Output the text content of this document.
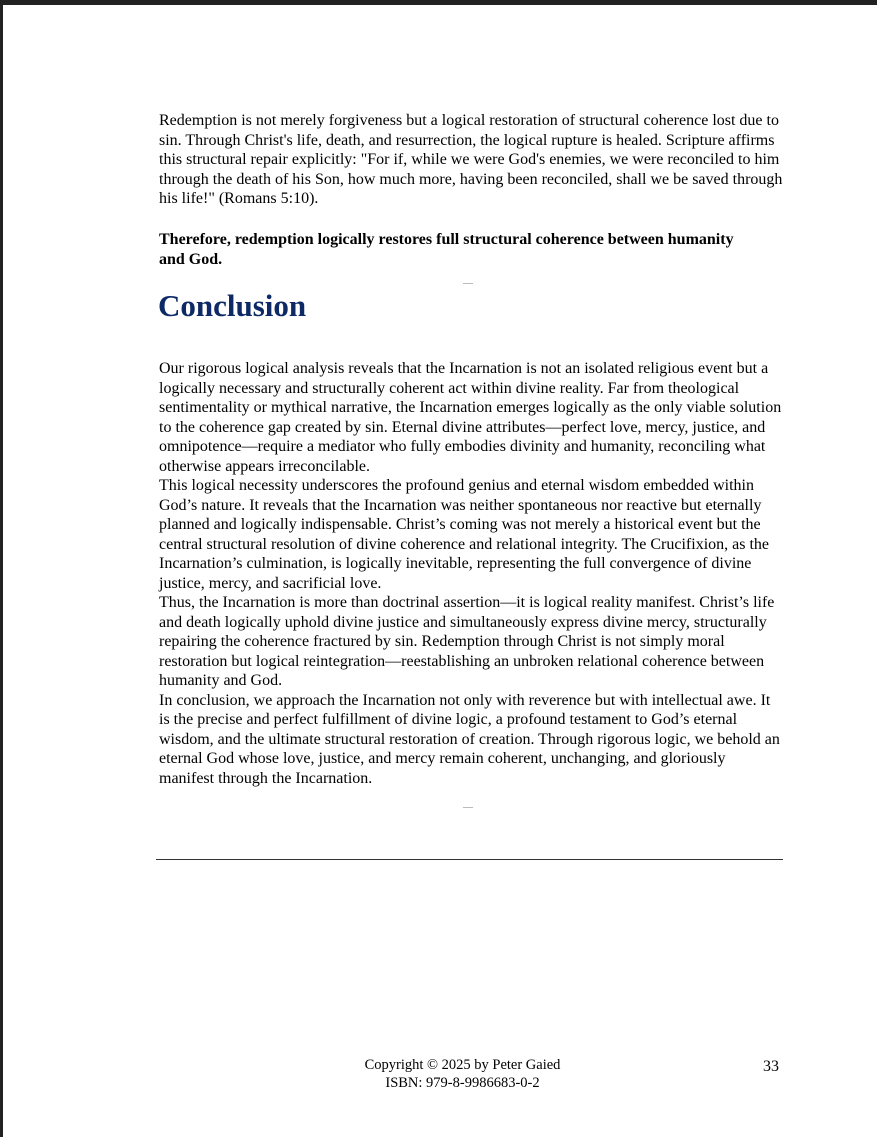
Redemption is not merely forgiveness but a logical restoration of structural coherence lost due to sin. Through Christ's life, death, and resurrection, the logical rupture is healed. Scripture affirms this structural repair explicitly: "For if, while we were God's enemies, we were reconciled to him through the death of his Son, how much more, having been reconciled, shall we be saved through his life!" (Romans 5:10).

Therefore, redemption logically restores full structural coherence between humanity and God.

Conclusion

Our rigorous logical analysis reveals that the Incarnation is not an isolated religious event but a logically necessary and structurally coherent act within divine reality. Far from theological sentimentality or mythical narrative, the Incarnation emerges logically as the only viable solution to the coherence gap created by sin. Eternal divine attributes—perfect love, mercy, justice, and omnipotence—require a mediator who fully embodies divinity and humanity, reconciling what otherwise appears irreconcilable.

This logical necessity underscores the profound genius and eternal wisdom embedded within God’s nature. It reveals that the Incarnation was neither spontaneous nor reactive but eternally planned and logically indispensable. Christ’s coming was not merely a historical event but the central structural resolution of divine coherence and relational integrity. The Crucifixion, as the Incarnation’s culmination, is logically inevitable, representing the full convergence of divine justice, mercy, and sacrificial love.

Thus, the Incarnation is more than doctrinal assertion—it is logical reality manifest. Christ’s life and death logically uphold divine justice and simultaneously express divine mercy, structurally repairing the coherence fractured by sin. Redemption through Christ is not simply moral restoration but logical reintegration—reestablishing an unbroken relational coherence between humanity and God.

In conclusion, we approach the Incarnation not only with reverence but with intellectual awe. It is the precise and perfect fulfillment of divine logic, a profound testament to God’s eternal wisdom, and the ultimate structural restoration of creation. Through rigorous logic, we behold an eternal God whose love, justice, and mercy remain coherent, unchanging, and gloriously manifest through the Incarnation.

Copyright © 2025 by Peter Gaied
ISBN: 979-8-9986683-0-2
33
